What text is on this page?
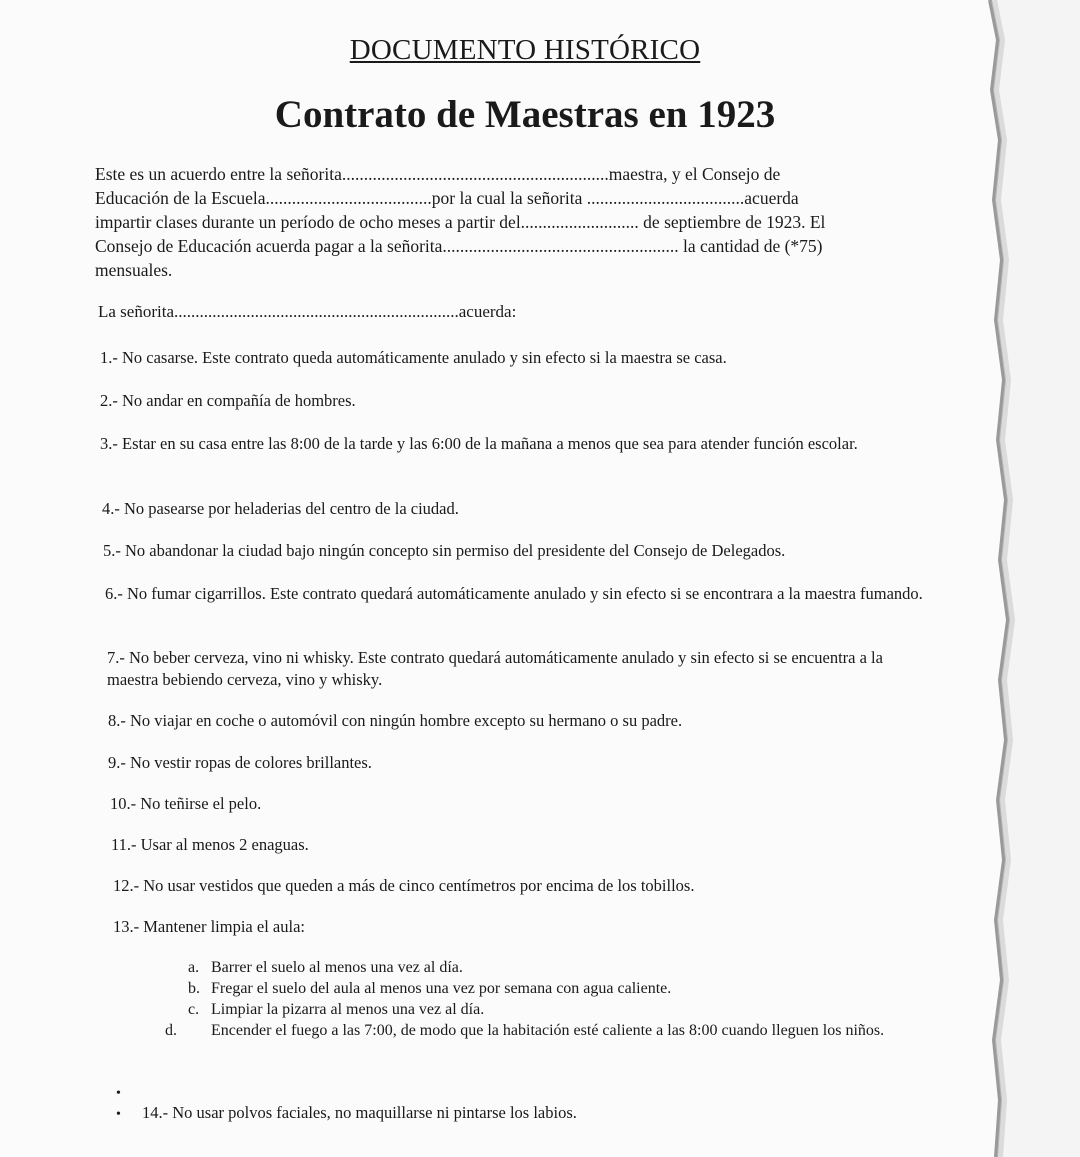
DOCUMENTO HISTÓRICO
Contrato de Maestras en 1923
Este es un acuerdo entre la señorita.............................................................maestra, y el Consejo de
Educación de la Escuela......................................por la cual la señorita ....................................acuerda
impartir clases durante un período de ocho meses a partir del........................... de septiembre de 1923. El
Consejo de Educación acuerda pagar a la señorita...................................................... la cantidad de (*75)
mensuales.
La señorita...................................................................acuerda:
1.- No casarse. Este contrato queda automáticamente anulado y sin efecto si la maestra se casa.
2.- No andar en compañía de hombres.
3.- Estar en su casa entre las 8:00 de la tarde y las 6:00 de la mañana a menos que sea para atender función escolar.
4.- No pasearse por heladerias del centro de la ciudad.
5.- No abandonar la ciudad bajo ningún concepto sin permiso del presidente del Consejo de Delegados.
6.- No fumar cigarrillos. Este contrato quedará automáticamente anulado y sin efecto si se encontrara a la maestra fumando.
7.- No beber cerveza, vino ni whisky. Este contrato quedará automáticamente anulado y sin efecto si se encuentra a la maestra bebiendo cerveza, vino y whisky.
8.- No viajar en coche o automóvil con ningún hombre excepto su hermano o su padre.
9.- No vestir ropas de colores brillantes.
10.- No teñirse el pelo.
11.- Usar al menos 2 enaguas.
12.- No usar vestidos que queden a más de cinco centímetros por encima de los tobillos.
13.- Mantener limpia el aula:
a. Barrer el suelo al menos una vez al día.
b. Fregar el suelo del aula al menos una vez por semana con agua caliente.
c. Limpiar la pizarra al menos una vez al día.
d. Encender el fuego a las 7:00, de modo que la habitación esté caliente a las 8:00 cuando lleguen los niños.
•
• 14.- No usar polvos faciales, no maquillarse ni pintarse los labios.
